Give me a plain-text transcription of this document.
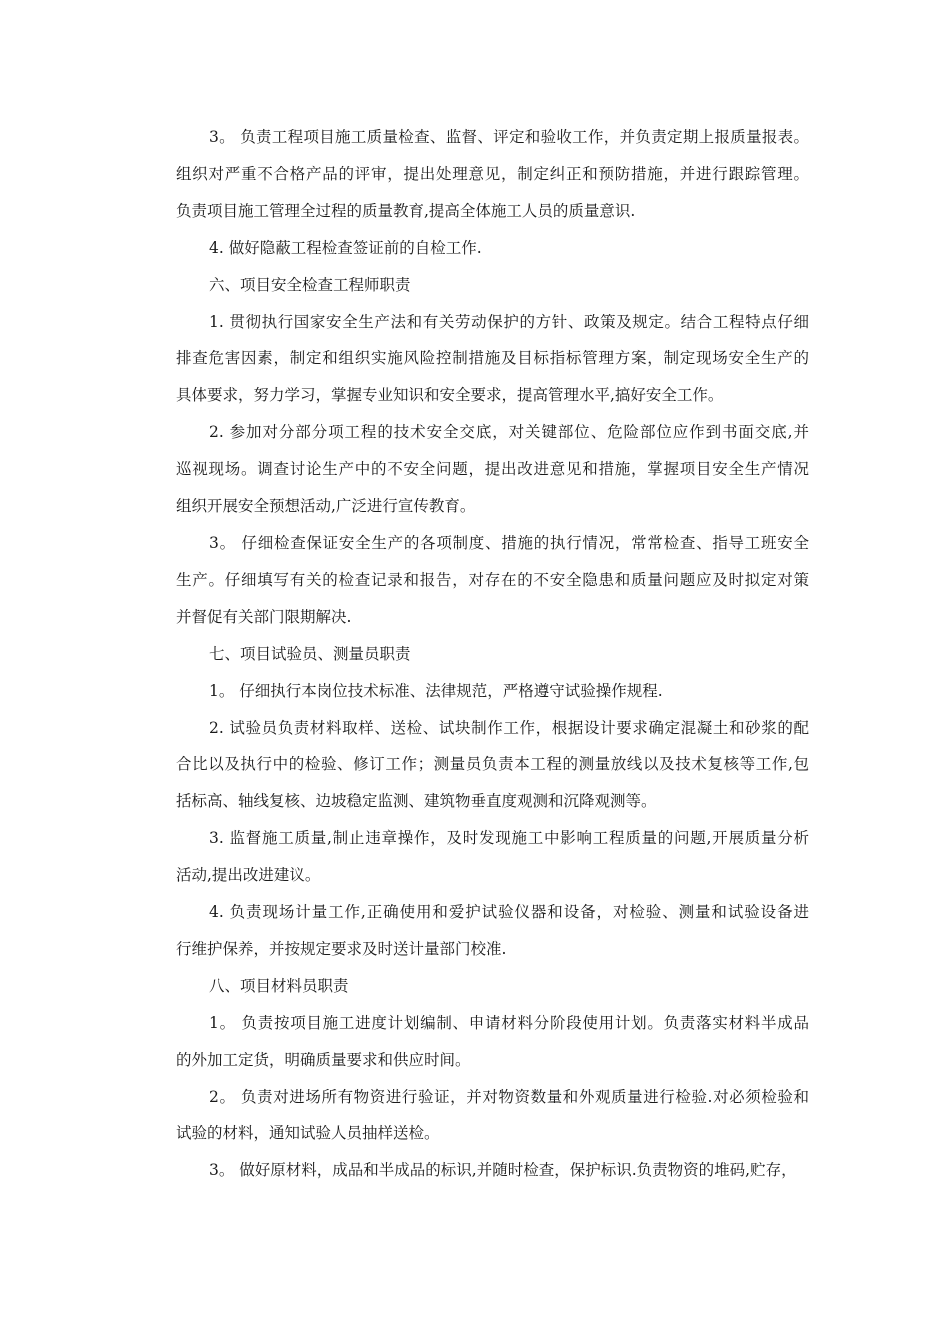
3。 负责工程项目施工质量检查、监督、评定和验收工作，并负责定期上报质量报表。
组织对严重不合格产品的评审，提出处理意见，制定纠正和预防措施，并进行跟踪管理。
负责项目施工管理全过程的质量教育,提高全体施工人员的质量意识.
4. 做好隐蔽工程检查签证前的自检工作.
六、项目安全检查工程师职责
1. 贯彻执行国家安全生产法和有关劳动保护的方针、政策及规定。结合工程特点仔细
排查危害因素，制定和组织实施风险控制措施及目标指标管理方案，制定现场安全生产的
具体要求，努力学习，掌握专业知识和安全要求，提高管理水平,搞好安全工作。
2. 参加对分部分项工程的技术安全交底，对关键部位、危险部位应作到书面交底,并
巡视现场。调查讨论生产中的不安全问题，提出改进意见和措施，掌握项目安全生产情况
组织开展安全预想活动,广泛进行宣传教育。
3。 仔细检查保证安全生产的各项制度、措施的执行情况，常常检查、指导工班安全
生产。仔细填写有关的检查记录和报告，对存在的不安全隐患和质量问题应及时拟定对策
并督促有关部门限期解决.
七、项目试验员、测量员职责
1。 仔细执行本岗位技术标准、法律规范，严格遵守试验操作规程.
2. 试验员负责材料取样、送检、试块制作工作，根据设计要求确定混凝土和砂浆的配
合比以及执行中的检验、修订工作；测量员负责本工程的测量放线以及技术复核等工作,包
括标高、轴线复核、边坡稳定监测、建筑物垂直度观测和沉降观测等。
3. 监督施工质量,制止违章操作，及时发现施工中影响工程质量的问题,开展质量分析
活动,提出改进建议。
4. 负责现场计量工作,正确使用和爱护试验仪器和设备，对检验、测量和试验设备进
行维护保养，并按规定要求及时送计量部门校准.
八、项目材料员职责
1。 负责按项目施工进度计划编制、申请材料分阶段使用计划。负责落实材料半成品
的外加工定货，明确质量要求和供应时间。
2。 负责对进场所有物资进行验证，并对物资数量和外观质量进行检验.对必须检验和
试验的材料，通知试验人员抽样送检。
3。 做好原材料，成品和半成品的标识,并随时检查，保护标识.负责物资的堆码,贮存，
